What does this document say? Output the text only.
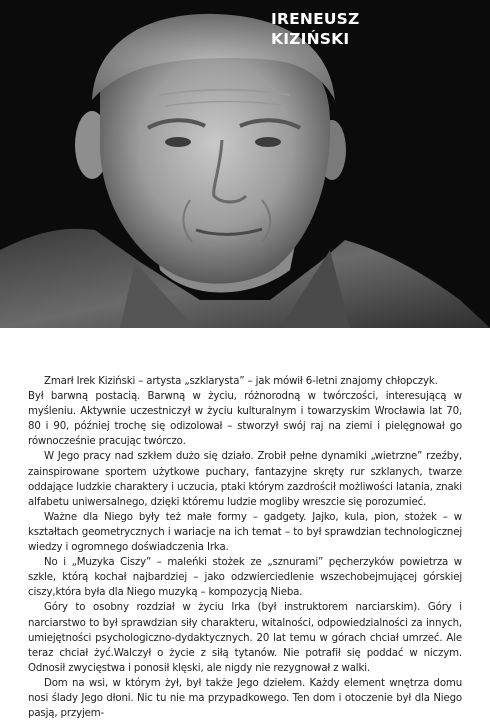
IRENEUSZ
KIZIŃSKI

Zmarł Irek Kiziński – artysta „szklarysta” – jak mówił 6-letni znajomy chłopczyk.

Był barwną postacią. Barwną w życiu, różnorodną w twórczości, interesującą w myśleniu. Aktywnie uczestniczył w życiu kulturalnym i towarzyskim Wrocławia lat 70, 80 i 90, później trochę się odizolował – stworzył swój raj na ziemi i pielęgnował go równocześnie pracując twórczo.

W Jego pracy nad szkłem dużo się działo. Zrobił pełne dynamiki „wietrzne” rzeźby, zainspirowane sportem użytkowe puchary, fantazyjne skręty rur szklanych, twarze oddające ludzkie charaktery i uczucia, ptaki którym zazdrościł możliwości latania, znaki alfabetu uniwersalnego, dzięki któremu ludzie mogliby wreszcie się porozumieć.

Ważne dla Niego były też małe formy – gadgety. Jajko, kula, pion, stożek – w kształtach geometrycznych i wariacje na ich temat – to był sprawdzian technologicznej wiedzy i ogromnego doświadczenia Irka.

No i „Muzyka Ciszy” – maleńki stożek ze „sznurami” pęcherzyków powietrza w szkle, którą kochał najbardziej – jako odzwierciedlenie wszechobejmującej górskiej ciszy,która była dla Niego muzyką – kompozycją Nieba.

Góry to osobny rozdział w życiu Irka (był instruktorem narciarskim). Góry i narciarstwo to był sprawdzian siły charakteru, witalności, odpowiedzialności za innych, umiejętności psychologiczno-dydaktycznych. 20 lat temu w górach chciał umrzeć. Ale teraz chciał żyć.Walczył o życie z siłą tytanów. Nie potrafił się poddać w niczym. Odnosił zwycięstwa i ponosił klęski, ale nigdy nie rezygnował z walki.

Dom na wsi, w którym żył, był także Jego dziełem. Każdy element wnętrza domu nosi ślady Jego dłoni. Nic tu nie ma przypadkowego. Ten dom i otoczenie był dla Niego pasją, przyjem-
